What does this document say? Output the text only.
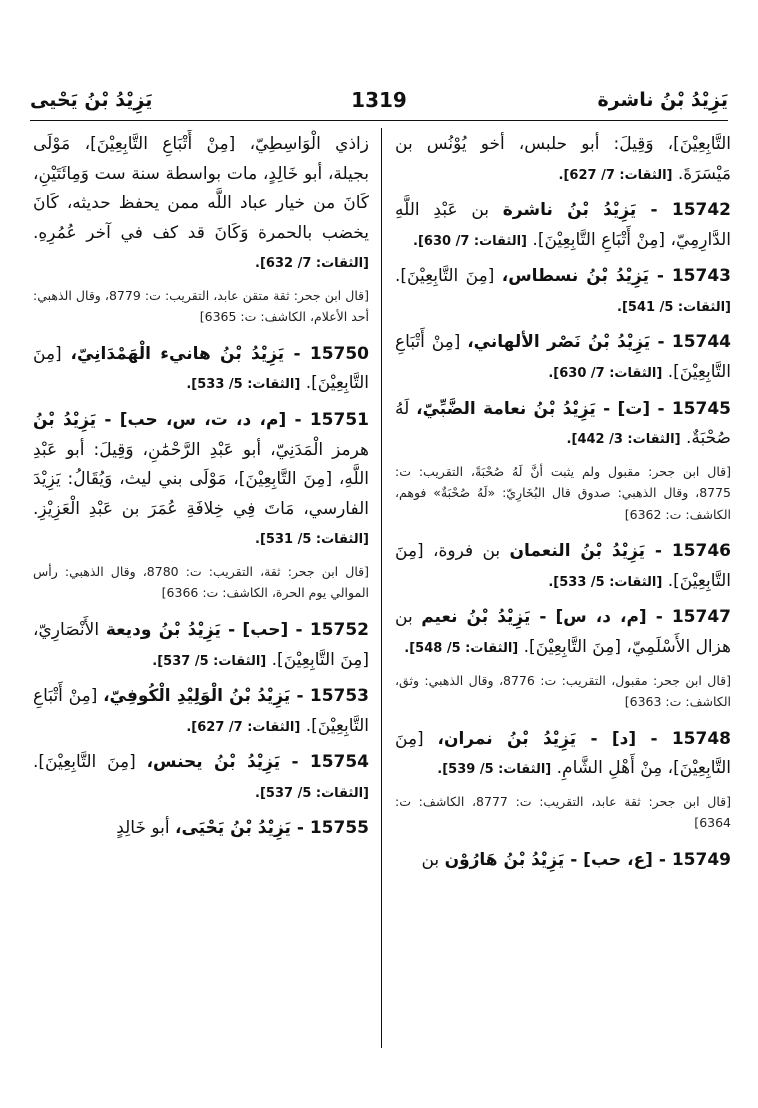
يَزِيْدُ بْنُ ناشرة
1319
يَزِيْدُ بْنُ يَحْيى
التَّابِعِيْنَ]، وَقِيلَ: أبو حلبس، أخو يُوْنُس بن مَيْسَرَةَ. [الثقات: 7/ 627].
15742 - يَزِيْدُ بْنُ ناشرة بن عَبْدِ اللَّهِ الدَّارِمِيّ، [مِنْ أَتْبَاعِ التَّابِعِيْنَ]. [الثقات: 7/ 630].
15743 - يَزِيْدُ بْنُ نسطاس، [مِنَ التَّابِعِيْنَ]. [الثقات: 5/ 541].
15744 - يَزِيْدُ بْنُ نَصْر الألهاني، [مِنْ أَتْبَاعِ التَّابِعِيْنَ]. [الثقات: 7/ 630].
15745 - [ت] - يَزِيْدُ بْنُ نعامة الضَّبِّيّ، لَهُ صُحْبَةٌ. [الثقات: 3/ 442].
[قال ابن جحر: مقبول ولم يثبت أنَّ لَهُ صُحْبَةً، التقريب: ت: 8775، وقال الذهبي: صدوق قال البُخَارِيّ: «لَهُ صُحْبَةٌ» فوهم، الكاشف: ت: 6362]
15746 - يَزِيْدُ بْنُ النعمان بن فروة، [مِنَ التَّابِعِيْنَ]. [الثقات: 5/ 533].
15747 - [م، د، س] - يَزِيْدُ بْنُ نعيم بن هزال الأَسْلَمِيّ، [مِنَ التَّابِعِيْنَ]. [الثقات: 5/ 548].
[قال ابن جحر: مقبول، التقريب: ت: 8776، وقال الذهبي: وثق، الكاشف: ت: 6363]
15748 - [د] - يَزِيْدُ بْنُ نمران، [مِنَ التَّابِعِيْنَ]، مِنْ أَهْلِ الشَّامِ. [الثقات: 5/ 539].
[قال ابن جحر: ثقة عابد، التقريب: ت: 8777، الكاشف: ت: 6364]
15749 - [ع، حب] - يَزِيْدُ بْنُ هَارُوْن بن
زاذي الْوَاسِطِيّ، [مِنْ أَتْبَاعِ التَّابِعِيْنَ]، مَوْلَى بجيلة، أبو خَالِدٍ، مات بواسطة سنة ست وَمِائَتَيْنِ، كَانَ من خيار عباد اللَّه ممن يحفظ حديثه، كَانَ يخضب بالحمرة وَكَانَ قد كف في آخر عُمُرِهِ. [الثقات: 7/ 632].
[قال ابن جحر: ثقة متقن عابد، التقريب: ت: 8779، وقال الذهبي: أحد الأعلام، الكاشف: ت: 6365]
15750 - يَزِيْدُ بْنُ هانيء الْهَمْدَانِيّ، [مِنَ التَّابِعِيْنَ]. [الثقات: 5/ 533].
15751 - [م، د، ت، س، حب] - يَزِيْدُ بْنُ هرمز الْمَدَنِيّ، أبو عَبْدِ الرَّحْمَٰنِ، وَقِيلَ: أبو عَبْدِ اللَّهِ، [مِنَ التَّابِعِيْنَ]، مَوْلَى بني ليث، وَيُقَالُ: يَزِيْدَ الفارسي، مَاتَ فِي خِلافَةِ عُمَرَ بن عَبْدِ الْعَزِيْزِ. [الثقات: 5/ 531].
[قال ابن جحر: ثقة، التقريب: ت: 8780، وقال الذهبي: رأس الموالي يوم الحرة، الكاشف: ت: 6366]
15752 - [حب] - يَزِيْدُ بْنُ وديعة الأَنْصَارِيّ، [مِنَ التَّابِعِيْنَ]. [الثقات: 5/ 537].
15753 - يَزِيْدُ بْنُ الْوَلِيْدِ الْكُوفِيّ، [مِنْ أَتْبَاعِ التَّابِعِيْنَ]. [الثقات: 7/ 627].
15754 - يَزِيْدُ بْنُ يحنس، [مِنَ التَّابِعِيْنَ]. [الثقات: 5/ 537].
15755 - يَزِيْدُ بْنُ يَحْيَى، أبو خَالِدٍ
